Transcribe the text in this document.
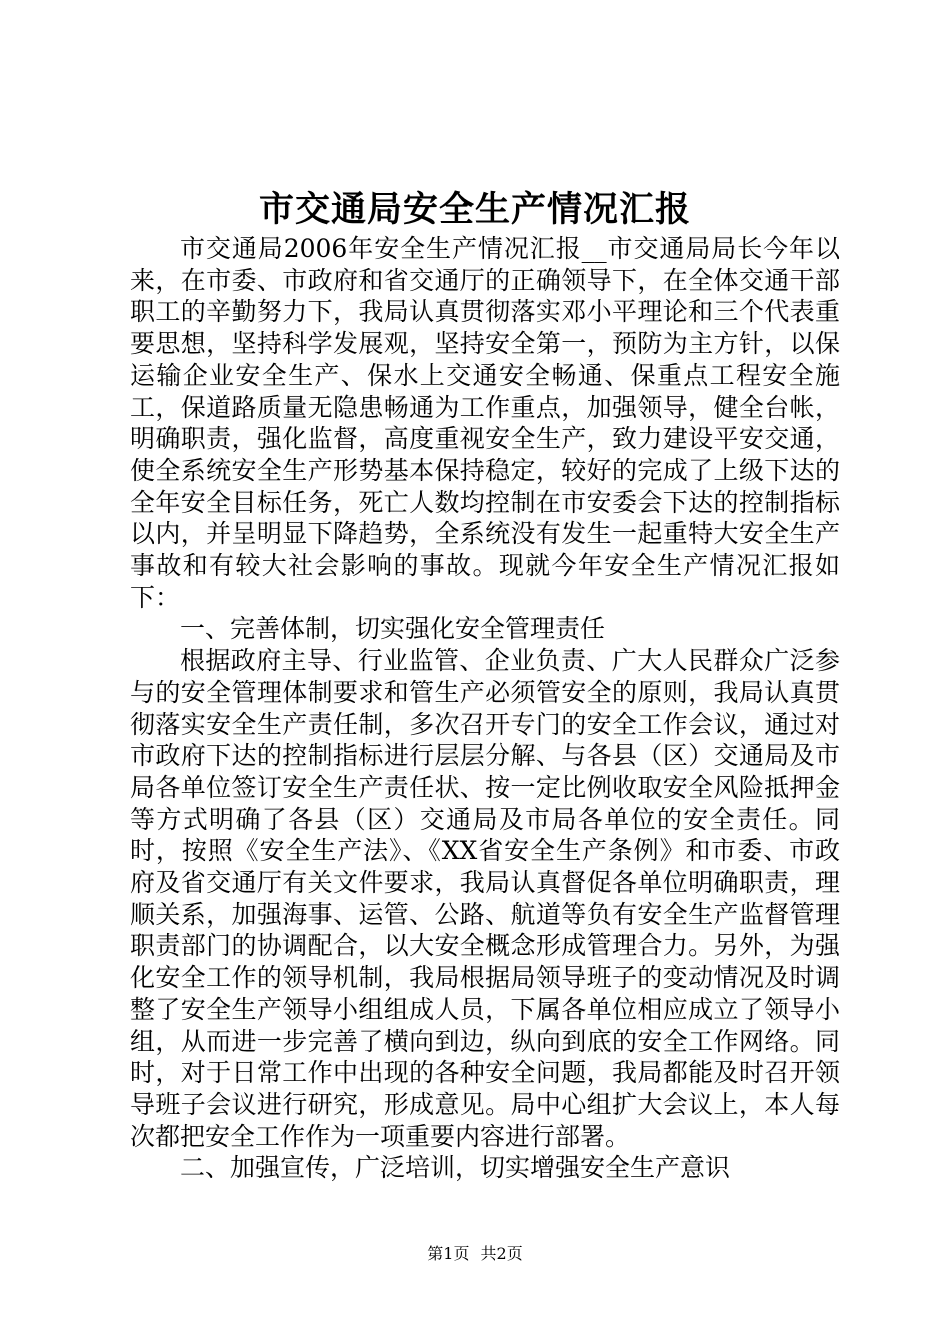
市交通局安全生产情况汇报

市交通局2006年安全生产情况汇报__市交通局局长今年以来，在市委、市政府和省交通厅的正确领导下，在全体交通干部职工的辛勤努力下，我局认真贯彻落实邓小平理论和三个代表重要思想，坚持科学发展观，坚持安全第一，预防为主方针，以保运输企业安全生产、保水上交通安全畅通、保重点工程安全施工，保道路质量无隐患畅通为工作重点，加强领导，健全台帐，明确职责，强化监督，高度重视安全生产，致力建设平安交通，使全系统安全生产形势基本保持稳定，较好的完成了上级下达的全年安全目标任务，死亡人数均控制在市安委会下达的控制指标以内，并呈明显下降趋势，全系统没有发生一起重特大安全生产事故和有较大社会影响的事故。现就今年安全生产情况汇报如下：

一、完善体制，切实强化安全管理责任

根据政府主导、行业监管、企业负责、广大人民群众广泛参与的安全管理体制要求和管生产必须管安全的原则，我局认真贯彻落实安全生产责任制，多次召开专门的安全工作会议，通过对市政府下达的控制指标进行层层分解、与各县（区）交通局及市局各单位签订安全生产责任状、按一定比例收取安全风险抵押金等方式明确了各县（区）交通局及市局各单位的安全责任。同时，按照《安全生产法》、《XX省安全生产条例》和市委、市政府及省交通厅有关文件要求，我局认真督促各单位明确职责，理顺关系，加强海事、运管、公路、航道等负有安全生产监督管理职责部门的协调配合，以大安全概念形成管理合力。另外，为强化安全工作的领导机制，我局根据局领导班子的变动情况及时调整了安全生产领导小组组成人员，下属各单位相应成立了领导小组，从而进一步完善了横向到边，纵向到底的安全工作网络。同时，对于日常工作中出现的各种安全问题，我局都能及时召开领导班子会议进行研究，形成意见。局中心组扩大会议上，本人每次都把安全工作作为一项重要内容进行部署。

二、加强宣传，广泛培训，切实增强安全生产意识

第1页 共2页
